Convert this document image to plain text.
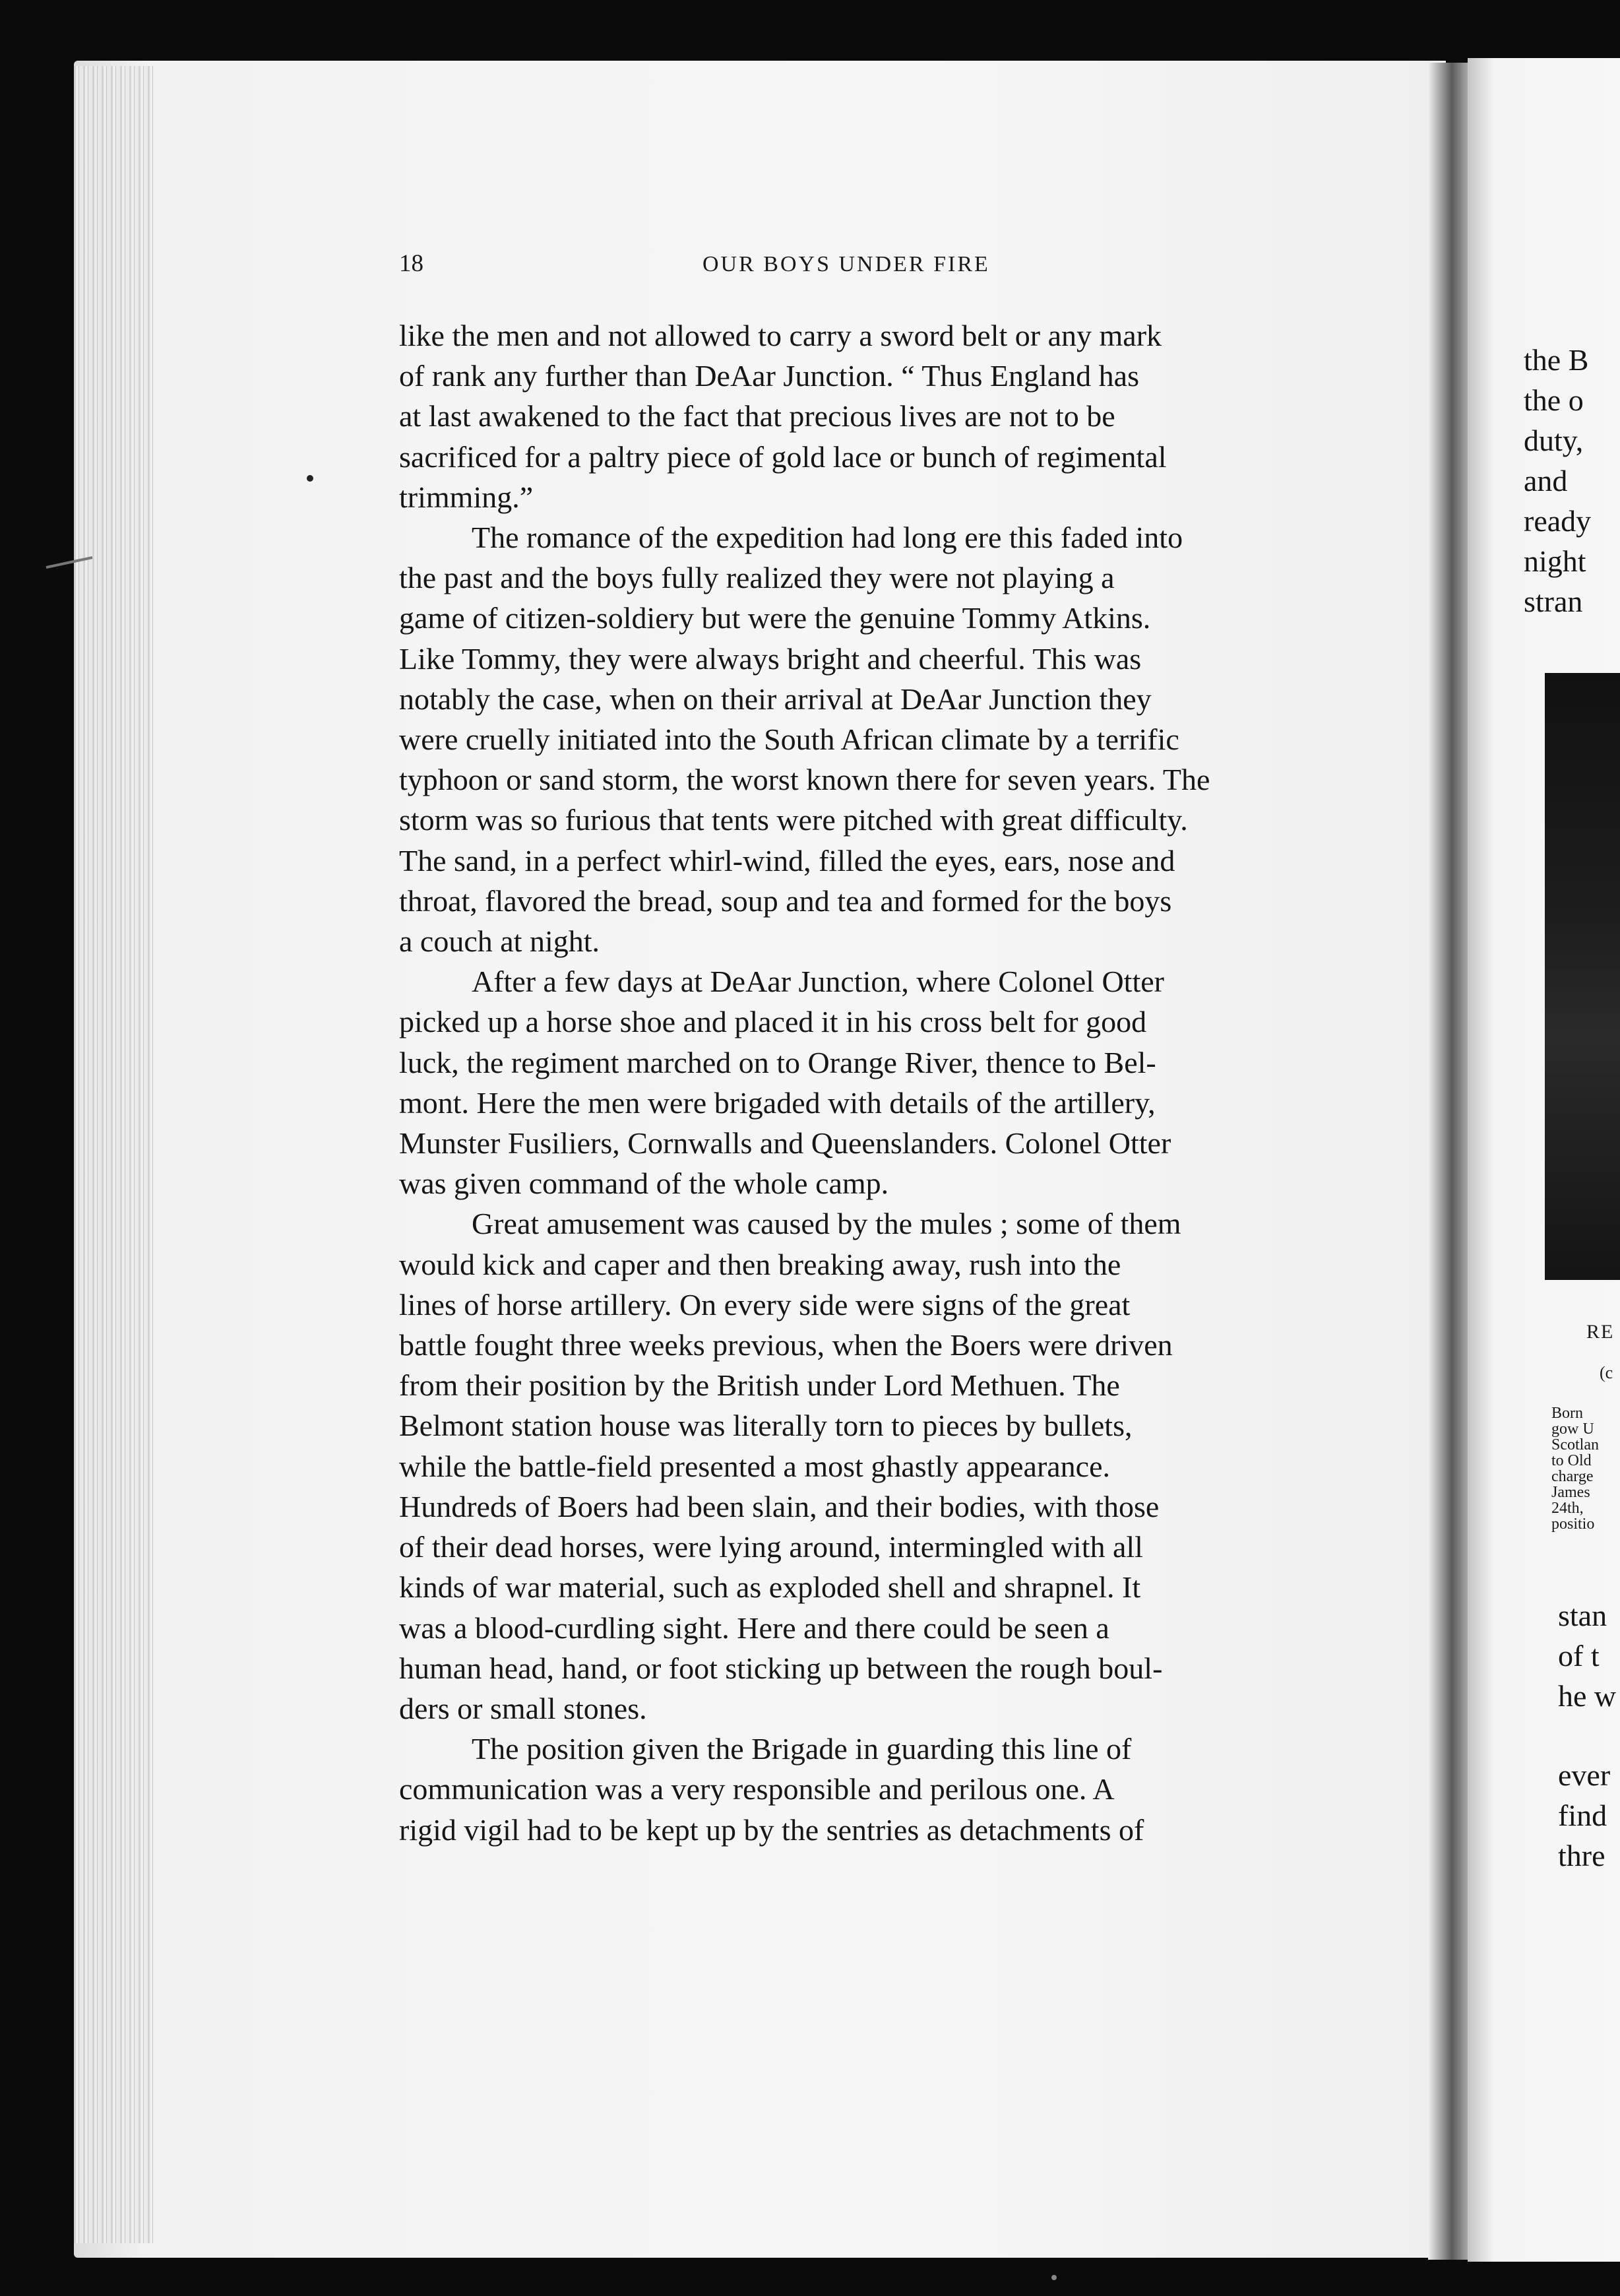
18	OUR BOYS UNDER FIRE

like the men and not allowed to carry a sword belt or any mark
of rank any further than DeAar Junction. “ Thus England has
at last awakened to the fact that precious lives are not to be
sacrificed for a paltry piece of gold lace or bunch of regimental
trimming.”

The romance of the expedition had long ere this faded into
the past and the boys fully realized they were not playing a
game of citizen-soldiery but were the genuine Tommy Atkins.
Like Tommy, they were always bright and cheerful. This was
notably the case, when on their arrival at DeAar Junction they
were cruelly initiated into the South African climate by a terrific
typhoon or sand storm, the worst known there for seven years. The
storm was so furious that tents were pitched with great difficulty.
The sand, in a perfect whirl-wind, filled the eyes, ears, nose and
throat, flavored the bread, soup and tea and formed for the boys
a couch at night.

After a few days at DeAar Junction, where Colonel Otter
picked up a horse shoe and placed it in his cross belt for good
luck, the regiment marched on to Orange River, thence to Bel-
mont. Here the men were brigaded with details of the artillery,
Munster Fusiliers, Cornwalls and Queenslanders. Colonel Otter
was given command of the whole camp.

Great amusement was caused by the mules ; some of them
would kick and caper and then breaking away, rush into the
lines of horse artillery. On every side were signs of the great
battle fought three weeks previous, when the Boers were driven
from their position by the British under Lord Methuen. The
Belmont station house was literally torn to pieces by bullets,
while the battle-field presented a most ghastly appearance.
Hundreds of Boers had been slain, and their bodies, with those
of their dead horses, were lying around, intermingled with all
kinds of war material, such as exploded shell and shrapnel. It
was a blood-curdling sight. Here and there could be seen a
human head, hand, or foot sticking up between the rough boul-
ders or small stones.

The position given the Brigade in guarding this line of
communication was a very responsible and perilous one. A
rigid vigil had to be kept up by the sentries as detachments of

the B
the o
duty,
and
ready
night
stran
RE
(c
Born
gow U
Scotlan
to Old
charge
James
24th,
positio
stan
of t
he w
ever
find
thre
